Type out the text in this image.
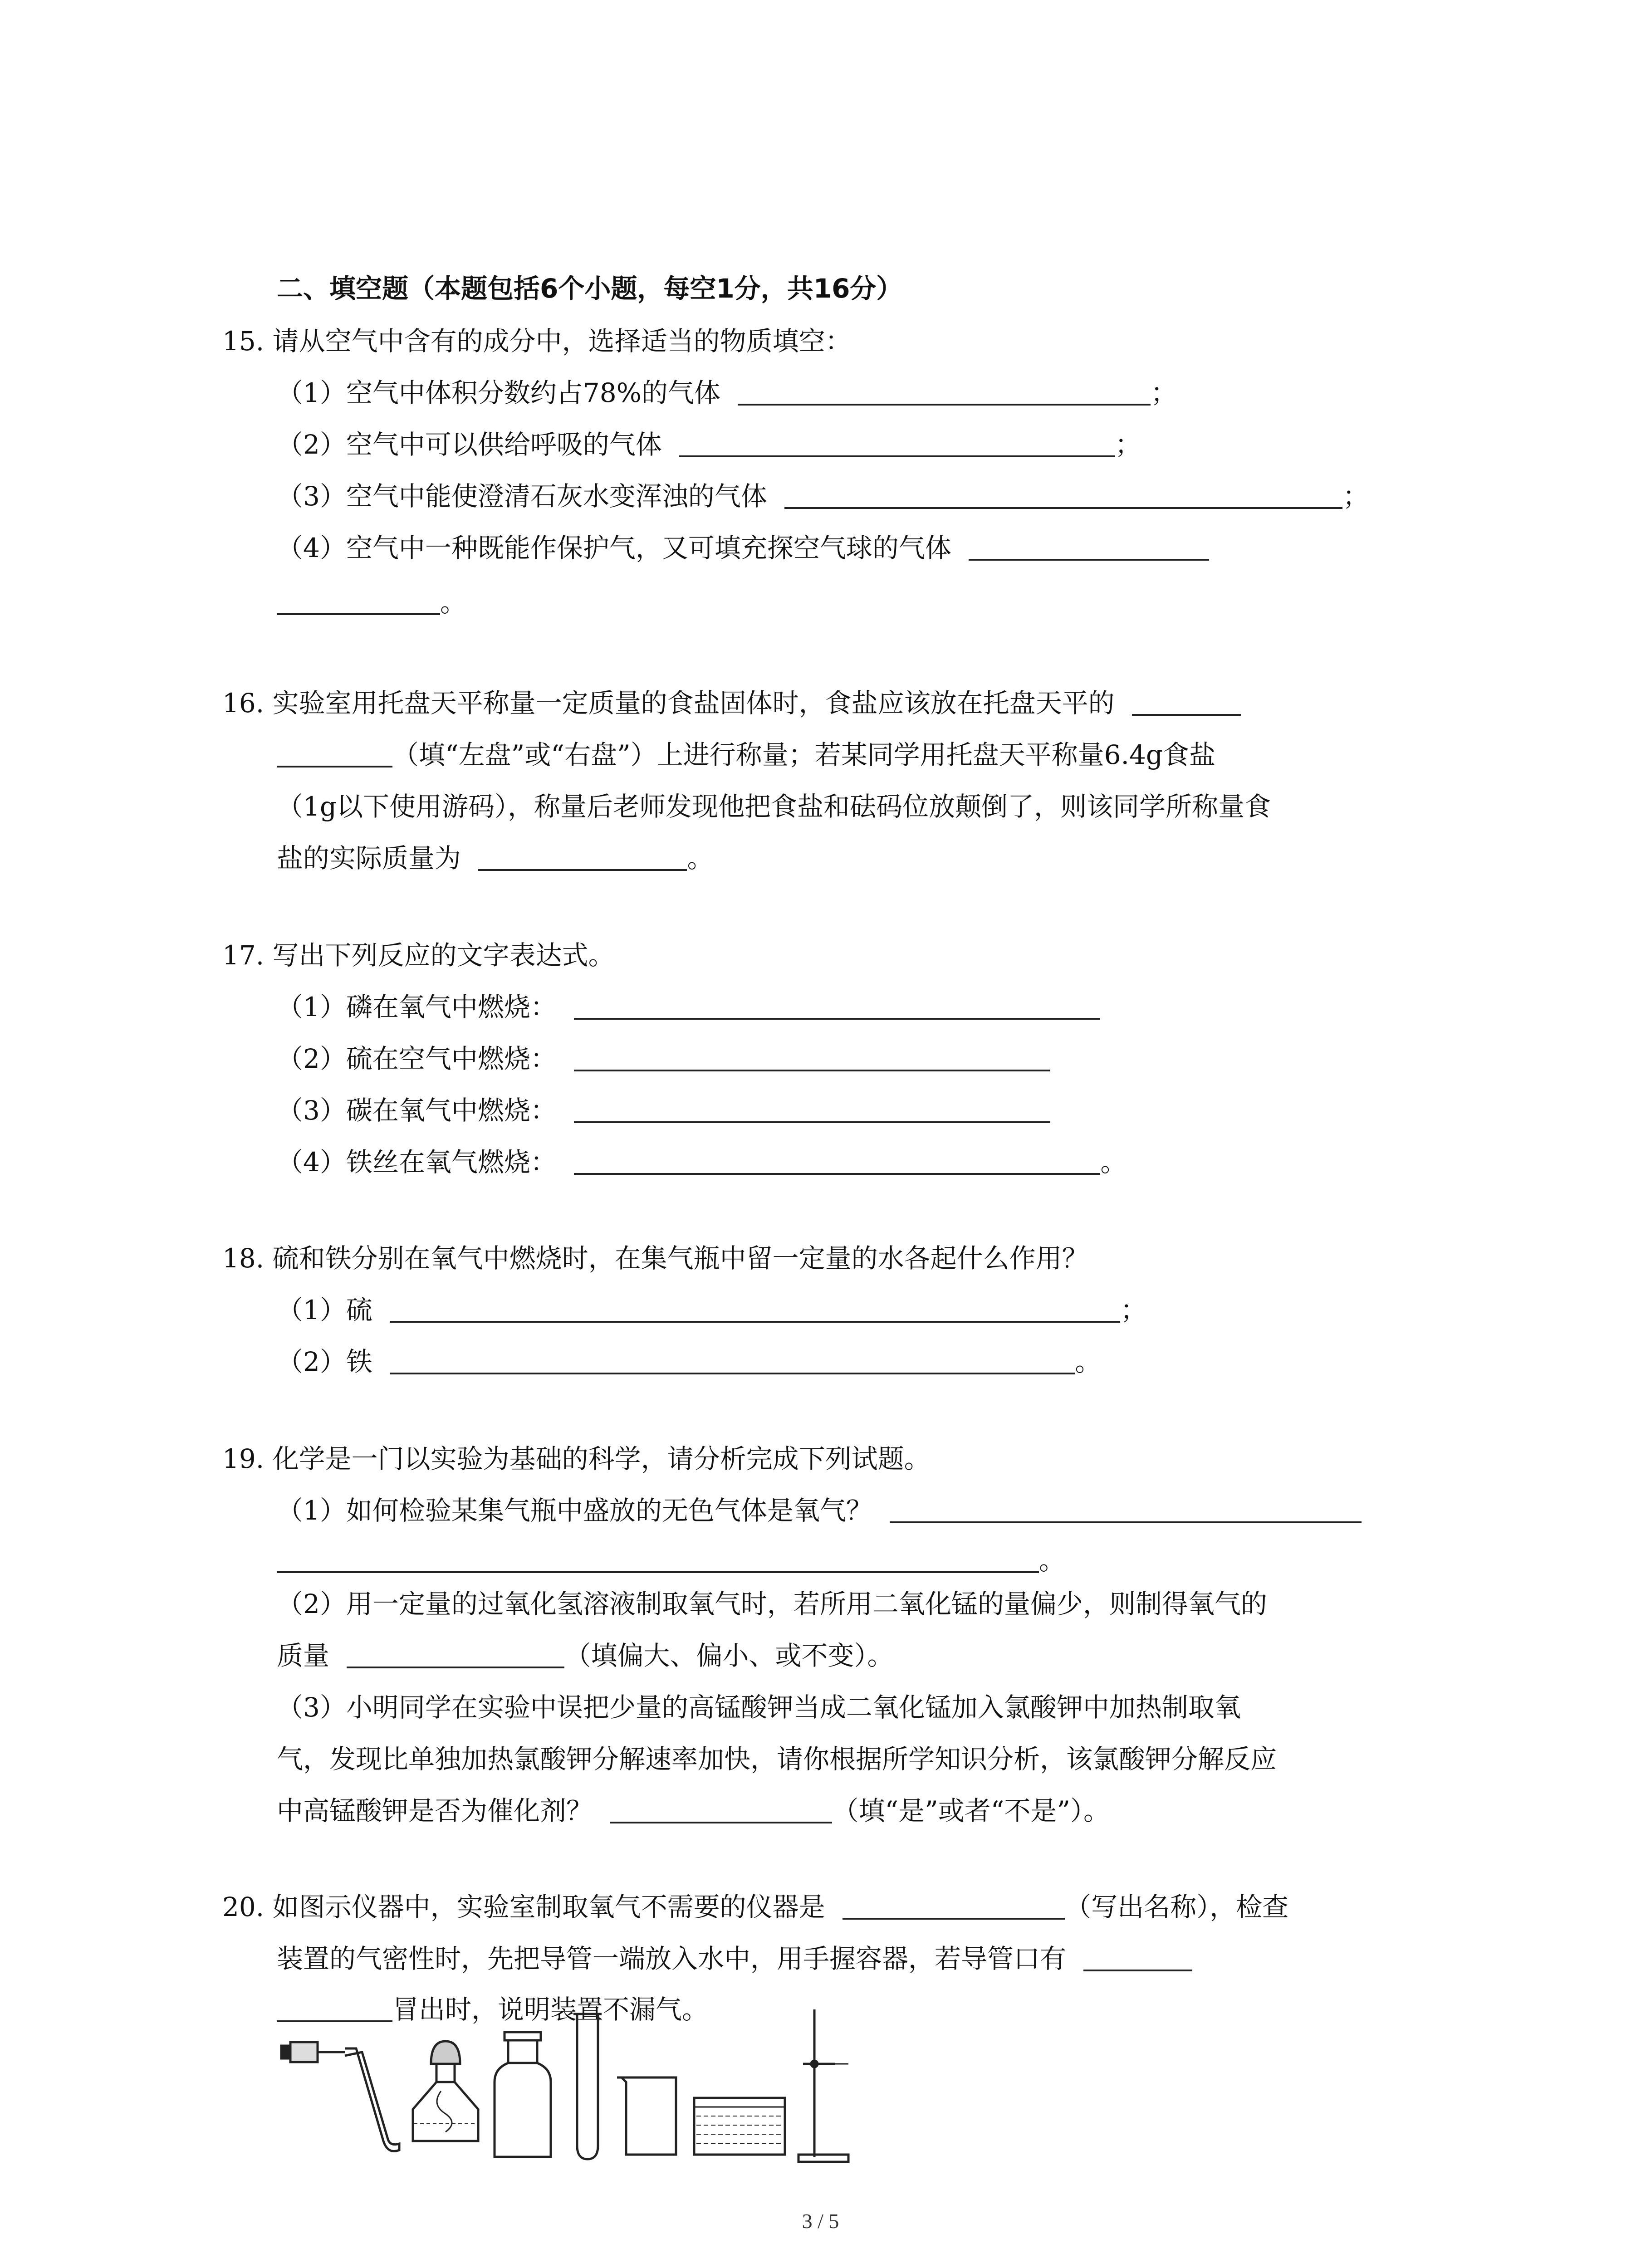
二、填空题（本题包括6个小题，每空1分，共16分）
15. 请从空气中含有的成分中，选择适当的物质填空：
（1）空气中体积分数约占78%的气体	；
（2）空气中可以供给呼吸的气体	；
（3）空气中能使澄清石灰水变浑浊的气体	；
（4）空气中一种既能作保护气，又可填充探空气球的气体
。
16. 实验室用托盘天平称量一定质量的食盐固体时，食盐应该放在托盘天平的
（填“左盘”或“右盘”）上进行称量；若某同学用托盘天平称量6.4g食盐
（1g以下使用游码），称量后老师发现他把食盐和砝码位放颠倒了，则该同学所称量食
盐的实际质量为	。
17. 写出下列反应的文字表达式。
（1）磷在氧气中燃烧：
（2）硫在空气中燃烧：
（3）碳在氧气中燃烧：
（4）铁丝在氧气燃烧：	。
18. 硫和铁分别在氧气中燃烧时，在集气瓶中留一定量的水各起什么作用？
（1）硫	；
（2）铁	。
19. 化学是一门以实验为基础的科学，请分析完成下列试题。
（1）如何检验某集气瓶中盛放的无色气体是氧气？
。
（2）用一定量的过氧化氢溶液制取氧气时，若所用二氧化锰的量偏少，则制得氧气的
质量	（填偏大、偏小、或不变）。
（3）小明同学在实验中误把少量的高锰酸钾当成二氧化锰加入氯酸钾中加热制取氧
气，发现比单独加热氯酸钾分解速率加快，请你根据所学知识分析，该氯酸钾分解反应
中高锰酸钾是否为催化剂？	（填“是”或者“不是”）。
20. 如图示仪器中，实验室制取氧气不需要的仪器是	（写出名称），检查
装置的气密性时，先把导管一端放入水中，用手握容器，若导管口有
冒出时，说明装置不漏气。
3 / 5
